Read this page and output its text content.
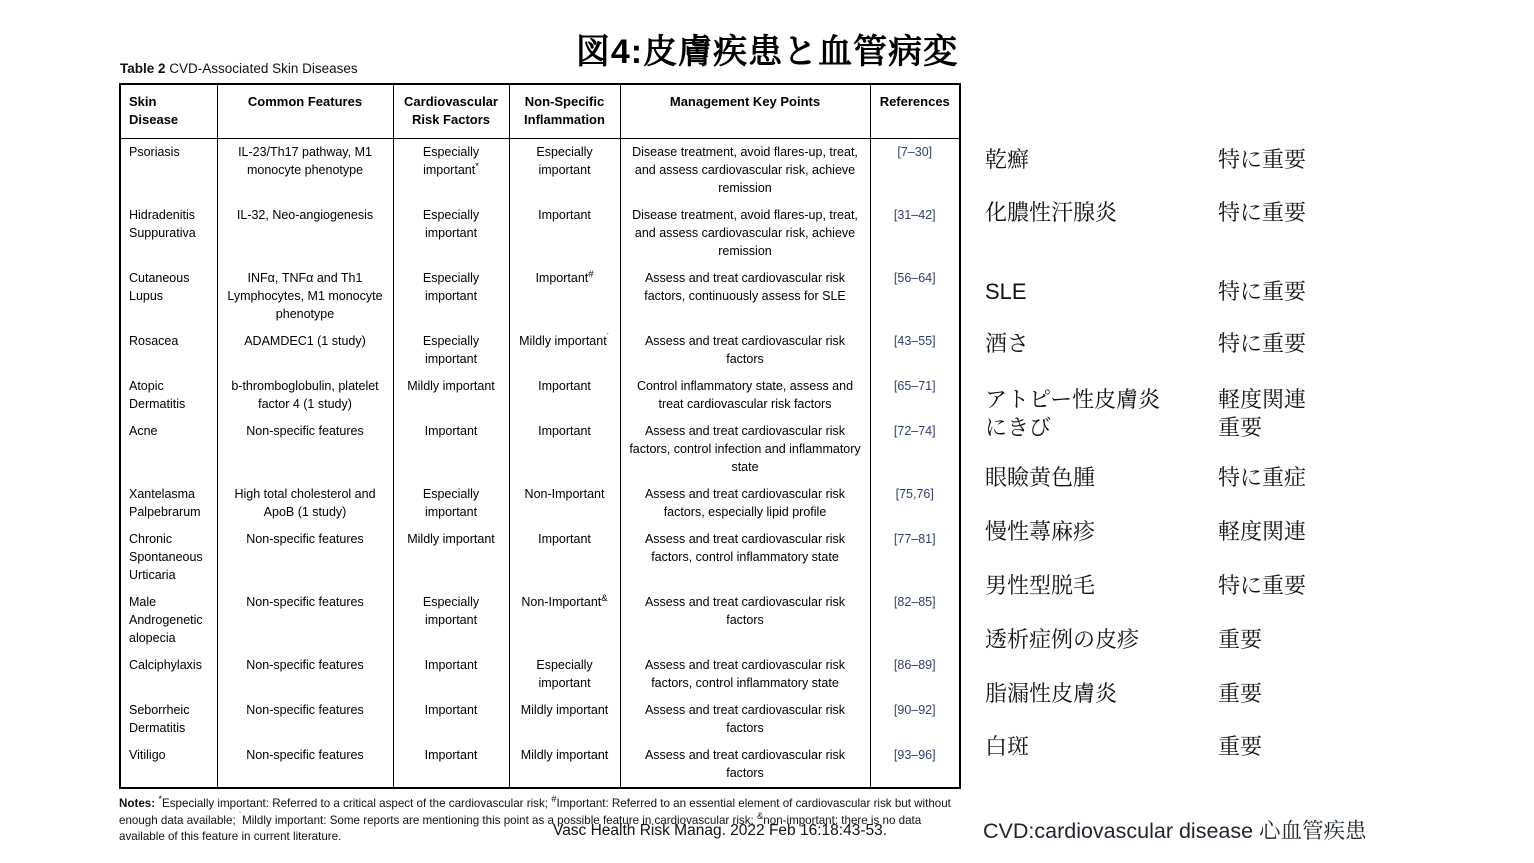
図4:皮膚疾患と血管病変

Table 2 CVD-Associated Skin Diseases

Skin Disease	Common Features	Cardiovascular Risk Factors	Non-Specific Inflammation	Management Key Points	References
Psoriasis	IL-23/Th17 pathway, M1 monocyte phenotype	Especially important*	Especially important	Disease treatment, avoid flares-up, treat, and assess cardiovascular risk, achieve remission	[7–30]
Hidradenitis Suppurativa	IL-32, Neo-angiogenesis	Especially important	Important	Disease treatment, avoid flares-up, treat, and assess cardiovascular risk, achieve remission	[31–42]
Cutaneous Lupus	INFα, TNFα and Th1 Lymphocytes, M1 monocyte phenotype	Especially important	Important#	Assess and treat cardiovascular risk factors, continuously assess for SLE	[56–64]
Rosacea	ADAMDEC1 (1 study)	Especially important	Mildly important˙	Assess and treat cardiovascular risk factors	[43–55]
Atopic Dermatitis	b-thromboglobulin, platelet factor 4 (1 study)	Mildly important	Important	Control inflammatory state, assess and treat cardiovascular risk factors	[65–71]
Acne	Non-specific features	Important	Important	Assess and treat cardiovascular risk factors, control infection and inflammatory state	[72–74]
Xantelasma Palpebrarum	High total cholesterol and ApoB (1 study)	Especially important	Non-Important	Assess and treat cardiovascular risk factors, especially lipid profile	[75,76]
Chronic Spontaneous Urticaria	Non-specific features	Mildly important	Important	Assess and treat cardiovascular risk factors, control inflammatory state	[77–81]
Male Androgenetic alopecia	Non-specific features	Especially important	Non-Important&	Assess and treat cardiovascular risk factors	[82–85]
Calciphylaxis	Non-specific features	Important	Especially important	Assess and treat cardiovascular risk factors, control inflammatory state	[86–89]
Seborrheic Dermatitis	Non-specific features	Important	Mildly important	Assess and treat cardiovascular risk factors	[90–92]
Vitiligo	Non-specific features	Important	Mildly important	Assess and treat cardiovascular risk factors	[93–96]

Notes: *Especially important: Referred to a critical aspect of the cardiovascular risk; #Important: Referred to an essential element of cardiovascular risk but without enough data available; ˙Mildly important: Some reports are mentioning this point as a possible feature in cardiovascular risk; &non-important: there is no data available of this feature in current literature.

乾癬	特に重要
化膿性汗腺炎	特に重要
SLE	特に重要
酒さ	特に重要
アトピー性皮膚炎	軽度関連
にきび	重要
眼瞼黄色腫	特に重症
慢性蕁麻疹	軽度関連
男性型脱毛	特に重要
透析症例の皮疹	重要
脂漏性皮膚炎	重要
白斑	重要
Vasc Health Risk Manag. 2022 Feb 16:18:43-53.	CVD:cardiovascular disease 心血管疾患
